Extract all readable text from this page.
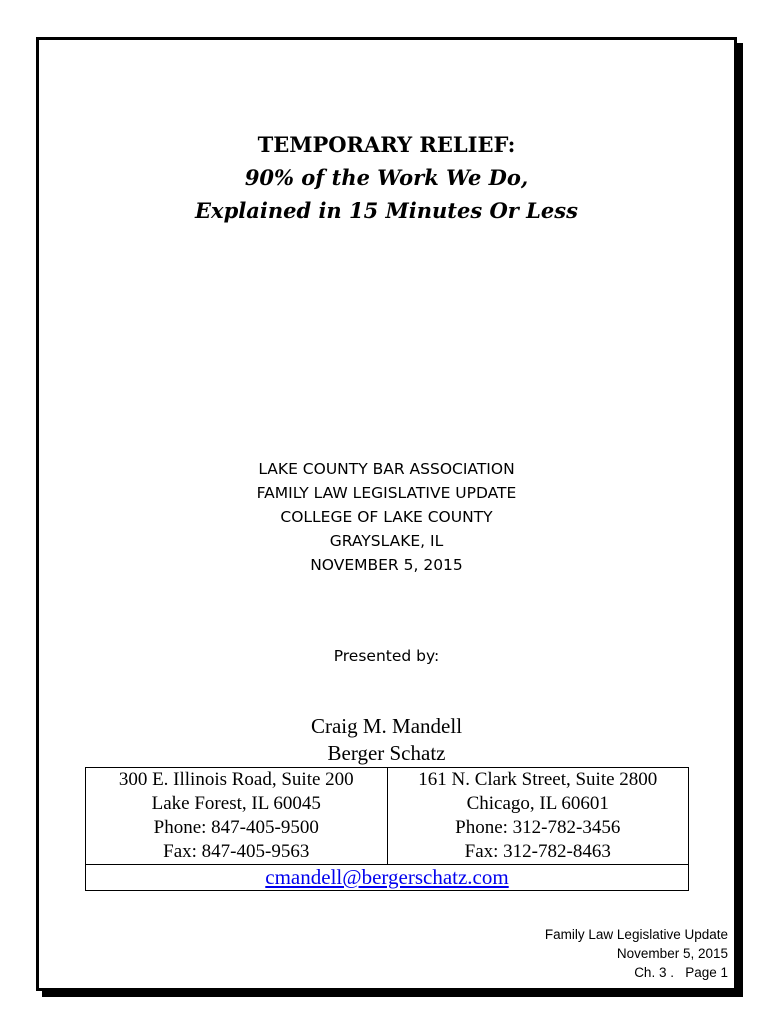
TEMPORARY RELIEF:
90% of the Work We Do,
Explained in 15 Minutes Or Less
LAKE COUNTY BAR ASSOCIATION
FAMILY LAW LEGISLATIVE UPDATE
COLLEGE OF LAKE COUNTY
GRAYSLAKE, IL
NOVEMBER 5, 2015
Presented by:
Craig M. Mandell
Berger Schatz
300 E. Illinois Road, Suite 200
Lake Forest, IL 60045
Phone: 847-405-9500
Fax: 847-405-9563

161 N. Clark Street, Suite 2800
Chicago, IL 60601
Phone: 312-782-3456
Fax: 312-782-8463

cmandell@bergerschatz.com
Family Law Legislative Update
November 5, 2015
Ch. 3 .   Page 1
